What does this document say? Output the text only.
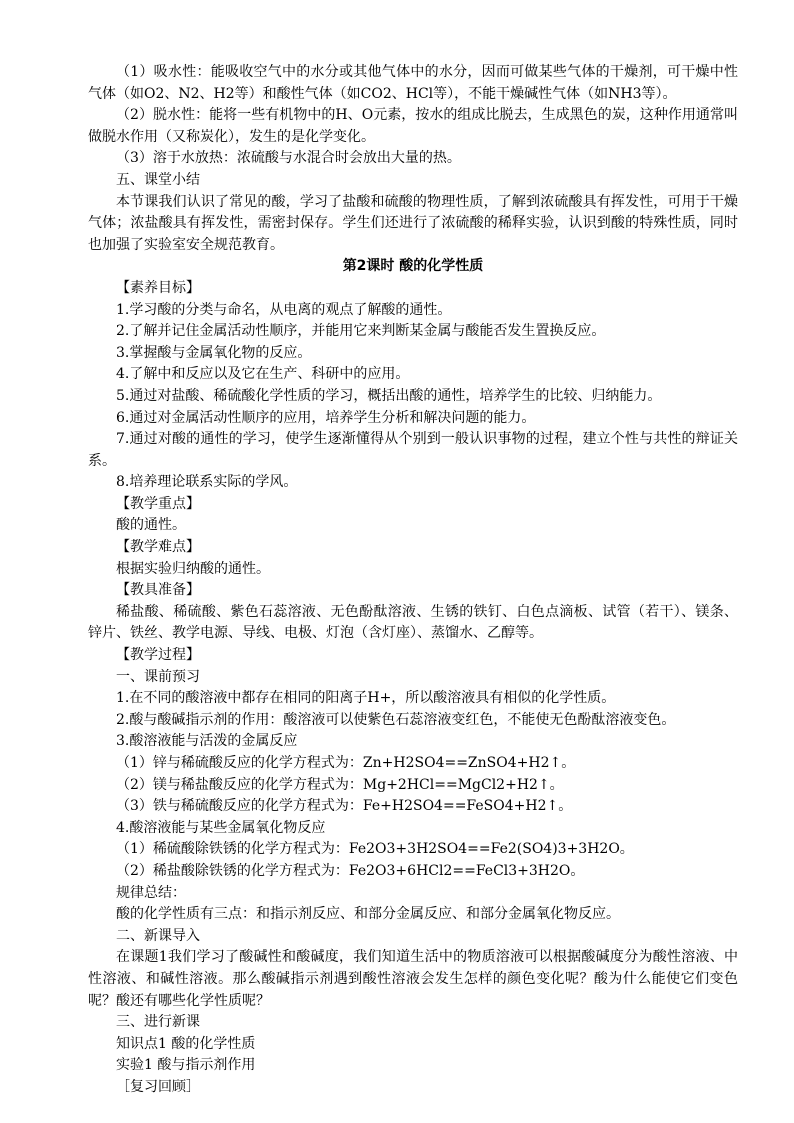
（1）吸水性：能吸收空气中的水分或其他气体中的水分，因而可做某些气体的干燥剂，可干燥中性气体（如O2、N2、H2等）和酸性气体（如CO2、HCl等），不能干燥碱性气体（如NH3等）。

（2）脱水性：能将一些有机物中的H、O元素，按水的组成比脱去，生成黑色的炭，这种作用通常叫做脱水作用（又称炭化），发生的是化学变化。

（3）溶于水放热：浓硫酸与水混合时会放出大量的热。

五、课堂小结

本节课我们认识了常见的酸，学习了盐酸和硫酸的物理性质，了解到浓硫酸具有挥发性，可用于干燥气体；浓盐酸具有挥发性，需密封保存。学生们还进行了浓硫酸的稀释实验，认识到酸的特殊性质，同时也加强了实验室安全规范教育。

第2课时 酸的化学性质

【素养目标】

1.学习酸的分类与命名，从电离的观点了解酸的通性。

2.了解并记住金属活动性顺序，并能用它来判断某金属与酸能否发生置换反应。

3.掌握酸与金属氧化物的反应。

4.了解中和反应以及它在生产、科研中的应用。

5.通过对盐酸、稀硫酸化学性质的学习，概括出酸的通性，培养学生的比较、归纳能力。

6.通过对金属活动性顺序的应用，培养学生分析和解决问题的能力。

7.通过对酸的通性的学习，使学生逐渐懂得从个别到一般认识事物的过程，建立个性与共性的辩证关系。

8.培养理论联系实际的学风。

【教学重点】

酸的通性。

【教学难点】

根据实验归纳酸的通性。

【教具准备】

稀盐酸、稀硫酸、紫色石蕊溶液、无色酚酞溶液、生锈的铁钉、白色点滴板、试管（若干）、镁条、锌片、铁丝、教学电源、导线、电极、灯泡（含灯座）、蒸馏水、乙醇等。

【教学过程】

一、课前预习

1.在不同的酸溶液中都存在相同的阳离子H+，所以酸溶液具有相似的化学性质。

2.酸与酸碱指示剂的作用：酸溶液可以使紫色石蕊溶液变红色，不能使无色酚酞溶液变色。

3.酸溶液能与活泼的金属反应

（1）锌与稀硫酸反应的化学方程式为：Zn+H2SO4==ZnSO4+H2↑。

（2）镁与稀盐酸反应的化学方程式为：Mg+2HCl==MgCl2+H2↑。

（3）铁与稀硫酸反应的化学方程式为：Fe+H2SO4==FeSO4+H2↑。

4.酸溶液能与某些金属氧化物反应

（1）稀硫酸除铁锈的化学方程式为：Fe2O3+3H2SO4==Fe2(SO4)3+3H2O。

（2）稀盐酸除铁锈的化学方程式为：Fe2O3+6HCl2==FeCl3+3H2O。

规律总结：

酸的化学性质有三点：和指示剂反应、和部分金属反应、和部分金属氧化物反应。

二、新课导入

在课题1我们学习了酸碱性和酸碱度，我们知道生活中的物质溶液可以根据酸碱度分为酸性溶液、中性溶液、和碱性溶液。那么酸碱指示剂遇到酸性溶液会发生怎样的颜色变化呢？酸为什么能使它们变色呢？酸还有哪些化学性质呢？

三、进行新课

知识点1 酸的化学性质

实验1 酸与指示剂作用

［复习回顾］
